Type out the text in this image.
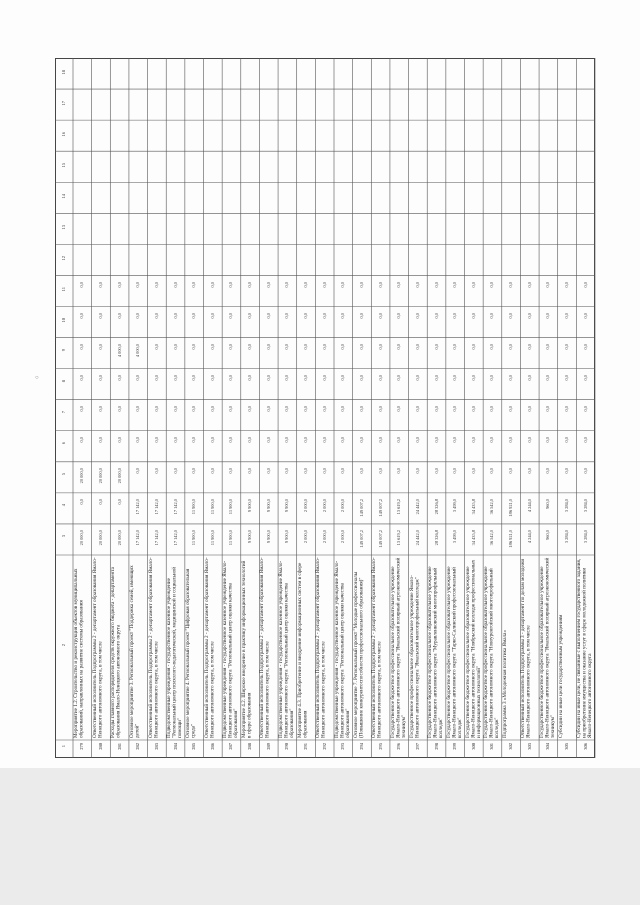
○
1
2
3
4
5
6
7
8
9
10
11
12
13
14
15
16
17
18
279
Мероприятие 1.2. Строительство и реконструкция объектов муниципальных образований, направленных на развитие системы образования
20 000,0
0,0
20 000,0
0,0
0,0
0,0
0,0
0,0
0,0
280
Ответственный исполнитель Подпрограммы 2 - департамент образования Ямало-Ненецкого автономного округа, в том числе
20 000,0
0,0
20 000,0
0,0
0,0
0,0
0,0
0,0
0,0
281
Расходы главного распорядителя средств окружного бюджета - департамента образования Ямало-Ненецкого автономного округа
20 000,0
0,0
20 000,0
0,0
0,0
0,0
4 000,0
0,0
0,0
282
Основное мероприятие 3. Региональный проект "Поддержка семей, имеющих детей"
17 142,0
17 142,0
0,0
0,0
0,0
0,0
4 000,0
0,0
0,0
283
Ответственный исполнитель Подпрограммы 2 - департамент образования Ямало-Ненецкого автономного округа, в том числе
17 142,0
17 142,0
0,0
0,0
0,0
0,0
0,0
0,0
0,0
284
Подведомственные учреждения - государственное казенное учреждение "Региональный центр психолого-педагогической, медицинской и социальной помощи"
17 142,0
17 142,0
0,0
0,0
0,0
0,0
0,0
0,0
0,0
285
Основное мероприятие 4. Региональный проект "Цифровая образовательная среда"
11 900,0
11 900,0
0,0
0,0
0,0
0,0
0,0
0,0
0,0
286
Ответственный исполнитель Подпрограммы 2 - департамент образования Ямало-Ненецкого автономного округа, в том числе
11 900,0
11 900,0
0,0
0,0
0,0
0,0
0,0
0,0
0,0
287
Подведомственные учреждения - государственное казенное учреждение Ямало-Ненецкого автономного округа "Региональный центр оценки качества образования"
11 900,0
11 900,0
0,0
0,0
0,0
0,0
0,0
0,0
0,0
288
Мероприятие 4.2. Широкое внедрение в практику информационных технологий в сфере образования
9 900,0
9 900,0
0,0
0,0
0,0
0,0
0,0
0,0
0,0
289
Ответственный исполнитель Подпрограммы 2 - департамент образования Ямало-Ненецкого автономного округа, в том числе
9 900,0
9 900,0
0,0
0,0
0,0
0,0
0,0
0,0
0,0
290
Подведомственные учреждения - государственное казенное учреждение Ямало-Ненецкого автономного округа "Региональный центр оценки качества образования"
9 900,0
9 900,0
0,0
0,0
0,0
0,0
0,0
0,0
0,0
291
Мероприятие 4.3. Приобретение и внедрение информационных систем в сфере образования
2 000,0
2 000,0
0,0
0,0
0,0
0,0
0,0
0,0
0,0
292
Ответственный исполнитель Подпрограммы 2 - департамент образования Ямало-Ненецкого автономного округа, в том числе
2 000,0
2 000,0
0,0
0,0
0,0
0,0
0,0
0,0
0,0
293
Подведомственные учреждения - государственное казенное учреждение Ямало-Ненецкого автономного округа "Региональный центр оценки качества образования"
2 000,0
2 000,0
0,0
0,0
0,0
0,0
0,0
0,0
0,0
294
Основное мероприятие 7. Региональный проект "Молодые профессионалы (Повышение конкурентоспособности профессионального образования)"
149 007,2
149 007,2
0,0
0,0
0,0
0,0
0,0
0,0
0,0
295
Ответственный исполнитель Подпрограммы 2 - департамент образования Ямало-Ненецкого автономного округа, в том числе
149 007,2
149 007,2
0,0
0,0
0,0
0,0
0,0
0,0
0,0
296
Государственное бюджетное профессиональное образовательное учреждение Ямало-Ненецкого автономного округа "Ямальский полярный агроэкономический техникум"
13 619,2
13 619,2
0,0
0,0
0,0
0,0
0,0
0,0
0,0
297
Государственное профессиональное образовательное учреждение Ямало-Ненецкого автономного округа "Ямальский многопрофильный колледж"
24 442,0
24 442,0
0,0
0,0
0,0
0,0
0,0
0,0
0,0
298
Государственное бюджетное профессиональное образовательное учреждение Ямало-Ненецкого автономного округа "Муравленковский многопрофильный колледж"
28 326,8
28 326,8
0,0
0,0
0,0
0,0
0,0
0,0
0,0
299
Государственное бюджетное профессиональное образовательное учреждение Ямало-Ненецкого автономного округа "Тарко-Салинский профессиональный колледж"
3 499,0
3 499,0
0,0
0,0
0,0
0,0
0,0
0,0
0,0
300
Государственное бюджетное профессиональное образовательное учреждение Ямало-Ненецкого автономного округа "Ноябрьский колледж профессиональных и информационных технологий"
34 435,8
34 435,8
0,0
0,0
0,0
0,0
0,0
0,0
0,0
301
Государственное бюджетное профессиональное образовательное учреждение Ямало-Ненецкого автономного округа "Новоуренгойский многопрофильный колледж"
36 542,0
36 542,0
0,0
0,0
0,0
0,0
0,0
0,0
0,0
302
Подпрограмма 3 «Молодежная политика Ямала»
186 921,0
186 921,0
0,0
0,0
0,0
0,0
0,0
0,0
0,0
303
Ответственный исполнитель Подпрограммы 3 - департамент по делам молодежи Ямало-Ненецкого автономного округа, в том числе
4 244,0
4 244,0
0,0
0,0
0,0
0,0
0,0
0,0
0,0
304
Государственное бюджетное профессиональное образовательное учреждение Ямало-Ненецкого автономного округа "Ямальский полярный агроэкономический техникум"
960,0
960,0
0,0
0,0
0,0
0,0
0,0
0,0
0,0
305
Субсидии на иные цели государственным учреждениям
3 284,0
3 284,0
0,0
0,0
0,0
0,0
0,0
0,0
0,0
306
Субсидии на иные цели, не связанные с выполнением государственного задания, на приобретение имущества и оказание услуг в сфере молодежной политики Ямало-Ненецкого автономного округа
3 284,0
3 284,0
0,0
0,0
0,0
0,0
0,0
0,0
0,0
